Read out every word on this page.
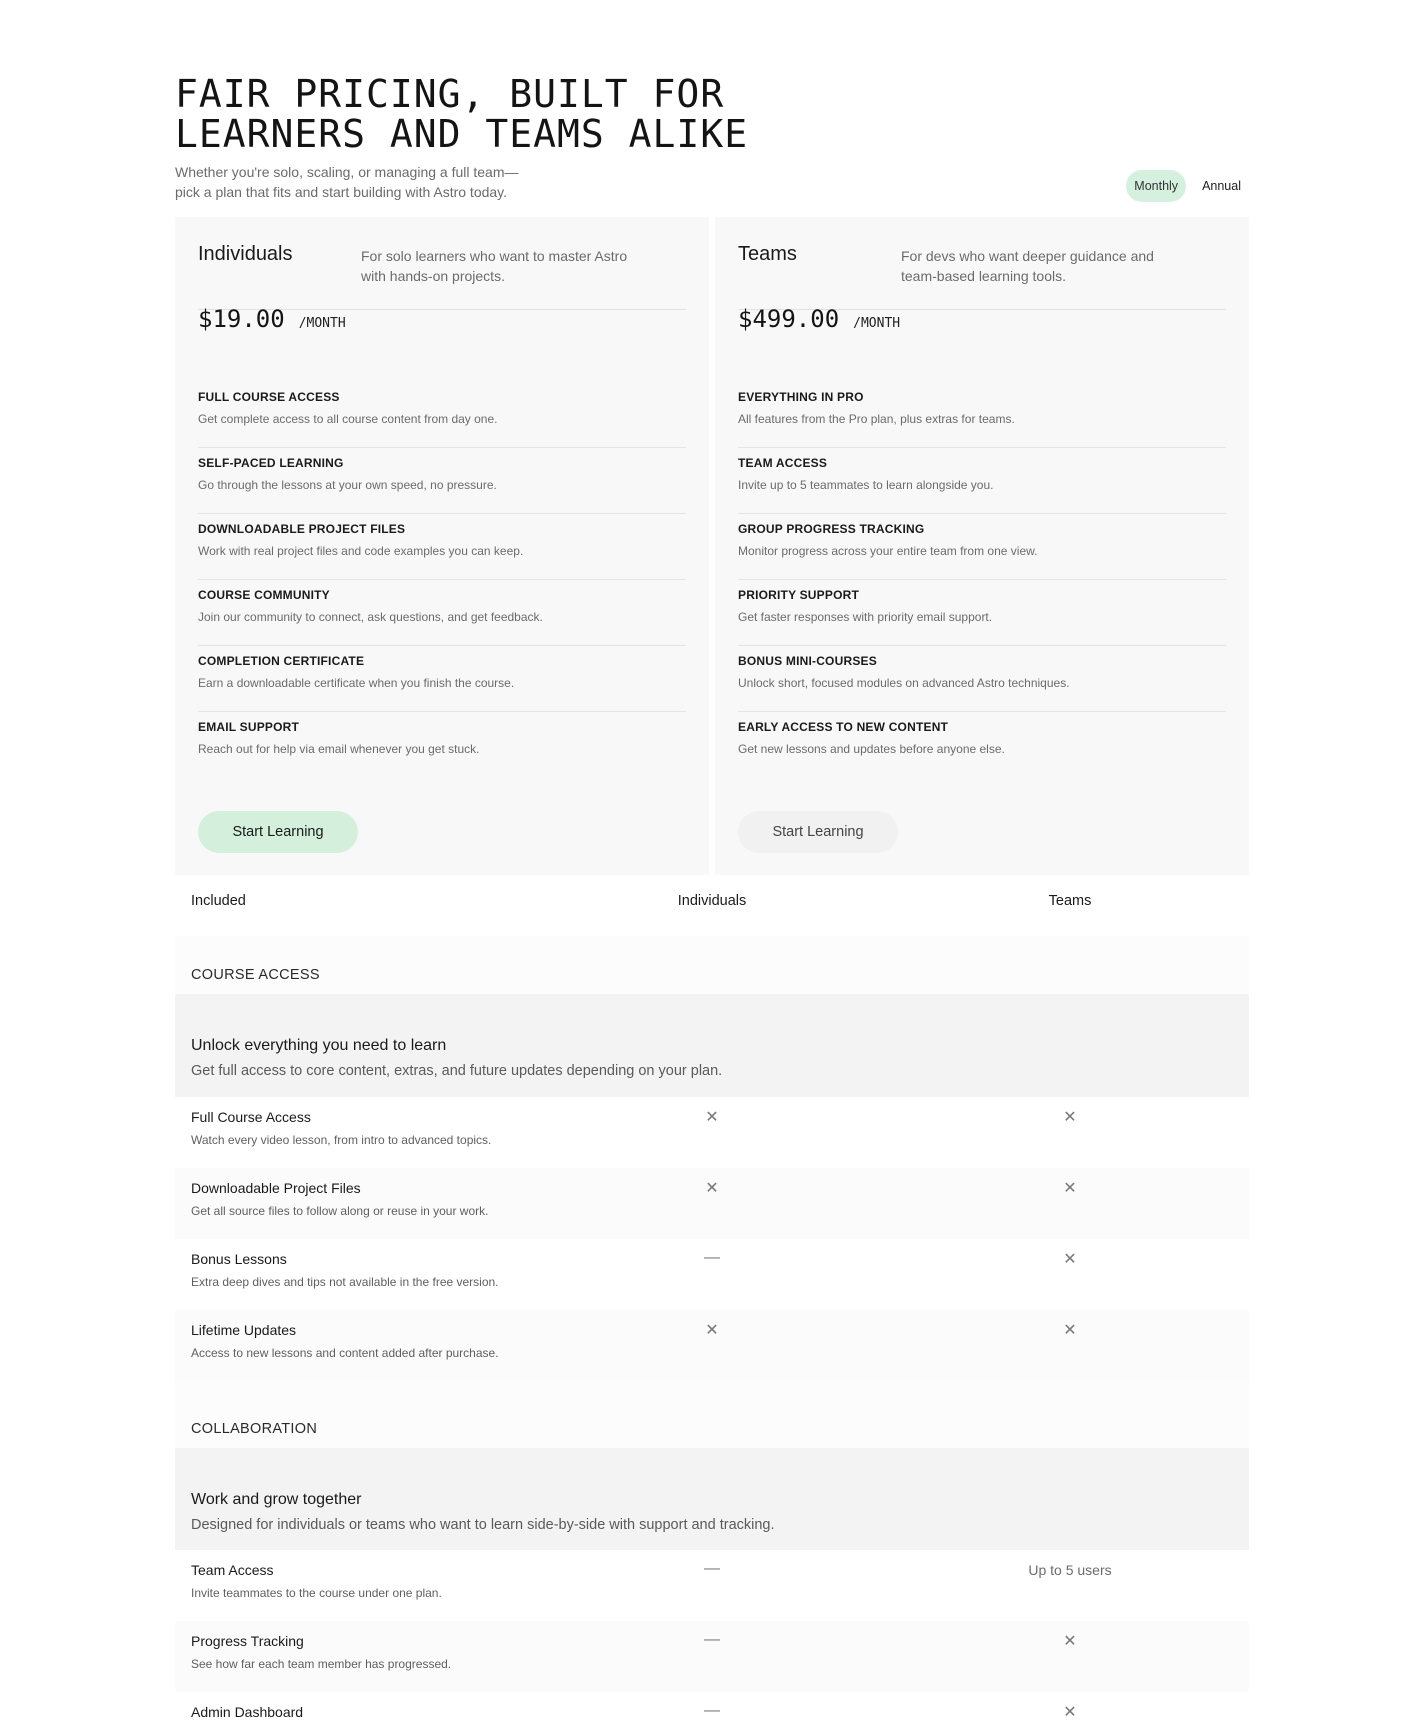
FAIR PRICING, BUILT FOR
LEARNERS AND TEAMS ALIKE

Whether you're solo, scaling, or managing a full team—
pick a plan that fits and start building with Astro today.	Monthly	Annual
Individuals	For solo learners who want to master Astro with hands-on projects.
$19.00 /MONTH
FULL COURSE ACCESS
Get complete access to all course content from day one.
SELF-PACED LEARNING
Go through the lessons at your own speed, no pressure.
DOWNLOADABLE PROJECT FILES
Work with real project files and code examples you can keep.
COURSE COMMUNITY
Join our community to connect, ask questions, and get feedback.
COMPLETION CERTIFICATE
Earn a downloadable certificate when you finish the course.
EMAIL SUPPORT
Reach out for help via email whenever you get stuck.
Start Learning
Teams	For devs who want deeper guidance and team-based learning tools.
$499.00 /MONTH
EVERYTHING IN PRO
All features from the Pro plan, plus extras for teams.
TEAM ACCESS
Invite up to 5 teammates to learn alongside you.
GROUP PROGRESS TRACKING
Monitor progress across your entire team from one view.
PRIORITY SUPPORT
Get faster responses with priority email support.
BONUS MINI-COURSES
Unlock short, focused modules on advanced Astro techniques.
EARLY ACCESS TO NEW CONTENT
Get new lessons and updates before anyone else.
Start Learning
Included	Individuals	Teams
COURSE ACCESS
Unlock everything you need to learn
Get full access to core content, extras, and future updates depending on your plan.
Full Course Access
Watch every video lesson, from intro to advanced topics.
✕	✕
Downloadable Project Files
Get all source files to follow along or reuse in your work.
✕	✕
Bonus Lessons
Extra deep dives and tips not available in the free version.
—	✕
Lifetime Updates
Access to new lessons and content added after purchase.
✕	✕
COLLABORATION
Work and grow together
Designed for individuals or teams who want to learn side-by-side with support and tracking.
Team Access
Invite teammates to the course under one plan.
—	Up to 5 users
Progress Tracking
See how far each team member has progressed.
—	✕
Admin Dashboard	—	✕
